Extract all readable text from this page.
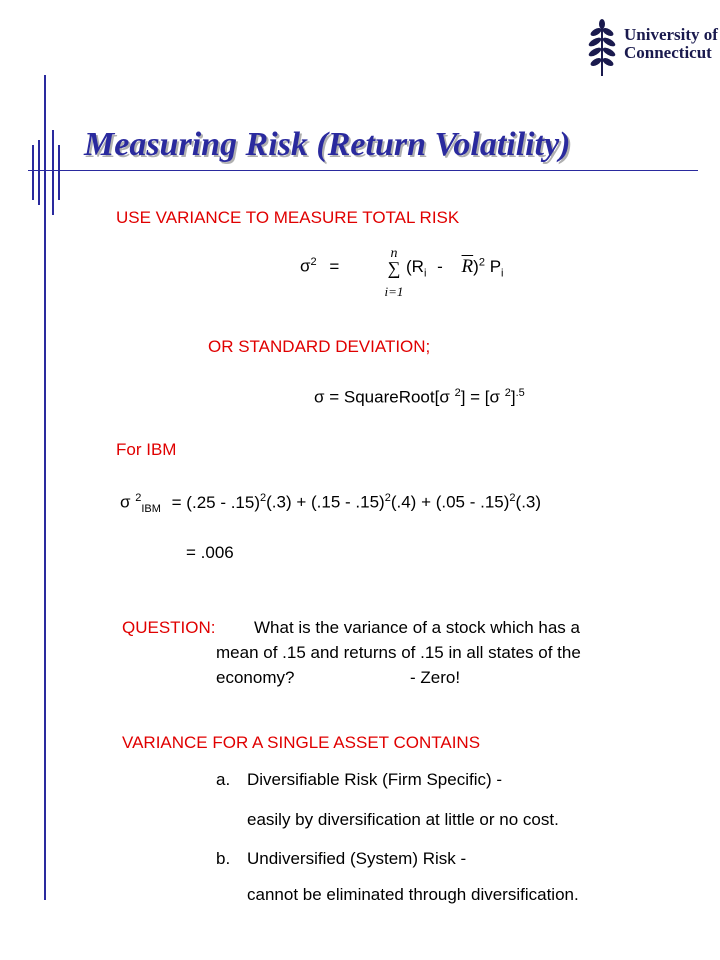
University of
Connecticut
Measuring Risk (Return Volatility)
USE VARIANCE TO MEASURE TOTAL RISK
$\sigma^2$ =
n
∑
i=1
$(R_i - \overline{R})^2$ $P_i$
OR STANDARD DEVIATION;
σ = SquareRoot[σ $^2$] = [σ $^2$]$^{.5}$
For IBM
σ $^2_{IBM}$ = (.25 - .15)$^2$(.3) + (.15 - .15)$^2$(.4) + (.05 - .15)$^2$(.3)
= .006
QUESTION: What is the variance of a stock which has a
mean of .15 and returns of .15 in all states of the
economy?	- Zero!
VARIANCE FOR A SINGLE ASSET CONTAINS
a. Diversifiable Risk (Firm Specific) -
easily by diversification at little or no cost.
b. Undiversified (System) Risk -
cannot be eliminated through diversification.
